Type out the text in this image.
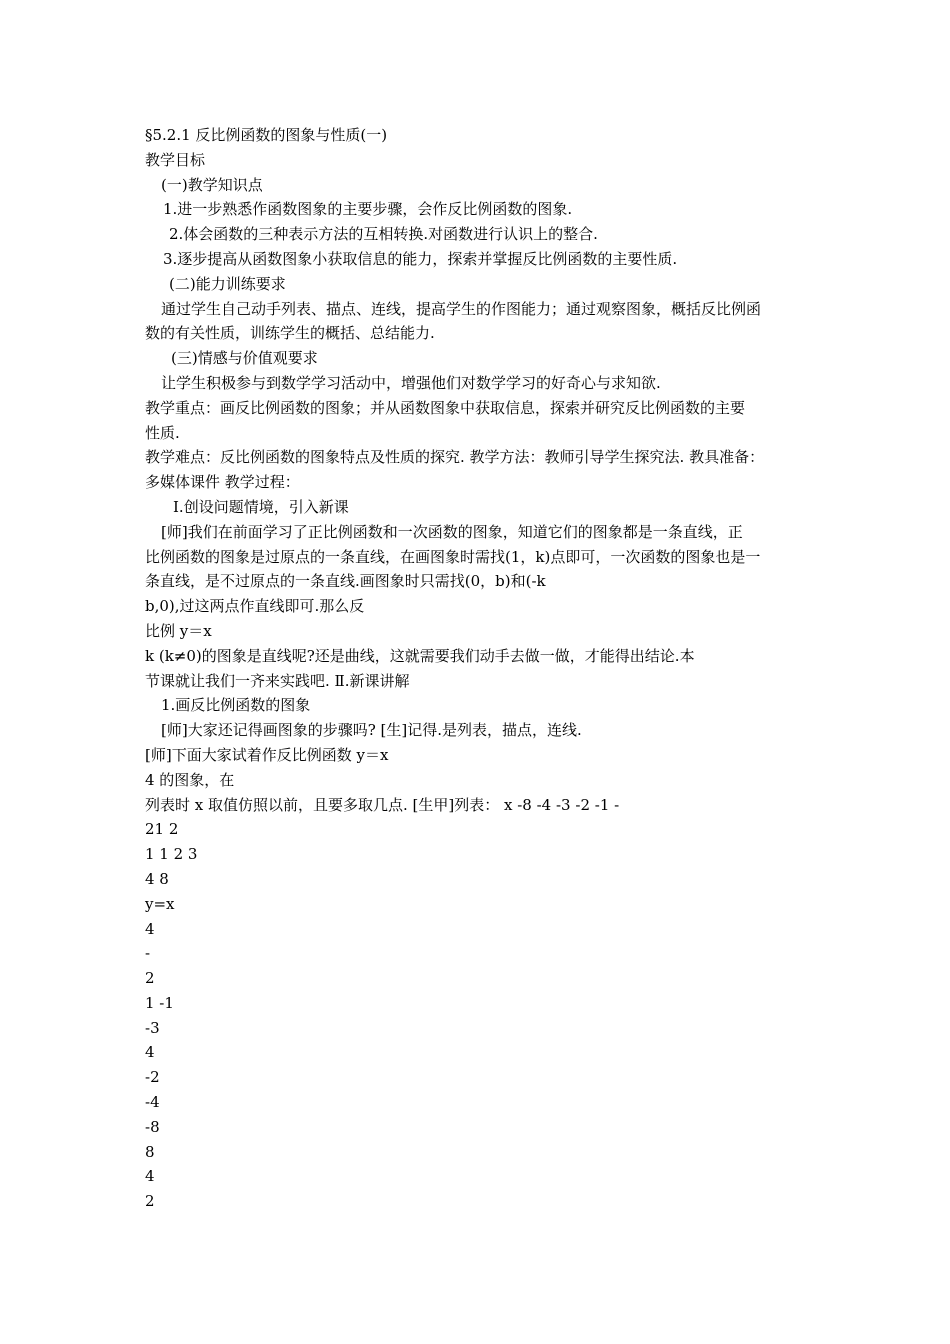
§5.2.1 反比例函数的图象与性质(一)
教学目标
(一)教学知识点
1.进一步熟悉作函数图象的主要步骤，会作反比例函数的图象.
2.体会函数的三种表示方法的互相转换.对函数进行认识上的整合.
3.逐步提高从函数图象小获取信息的能力，探索并掌握反比例函数的主要性质.
(二)能力训练要求
通过学生自己动手列表、描点、连线，提高学生的作图能力；通过观察图象，概括反比例函
数的有关性质，训练学生的概括、总结能力.
(三)情感与价值观要求
让学生积极参与到数学学习活动中，增强他们对数学学习的好奇心与求知欲.
教学重点：画反比例函数的图象；并从函数图象中获取信息，探索并研究反比例函数的主要
性质.
教学难点：反比例函数的图象特点及性质的探究. 教学方法：教师引导学生探究法. 教具准备：
多媒体课件 教学过程：
Ⅰ.创设问题情境，引入新课
[师]我们在前面学习了正比例函数和一次函数的图象，知道它们的图象都是一条直线，正
比例函数的图象是过原点的一条直线，在画图象时需找(1，k)点即可，一次函数的图象也是一
条直线，是不过原点的一条直线.画图象时只需找(0，b)和(-k
b,0),过这两点作直线即可.那么反
比例 y＝x
k (k≠0)的图象是直线呢?还是曲线，这就需要我们动手去做一做，才能得出结论.本
节课就让我们一齐来实践吧. Ⅱ.新课讲解
1.画反比例函数的图象
[师]大家还记得画图象的步骤吗? [生]记得.是列表，描点，连线.
[师]下面大家试着作反比例函数 y＝x
4 的图象，在
列表时 x 取值仿照以前，且要多取几点. [生甲]列表： x -8 -4 -3 -2 -1 -
21 2
1 1 2 3
4 8
y=x
4
-
2
1 -1
-3
4
-2
-4
-8
8
4
2
